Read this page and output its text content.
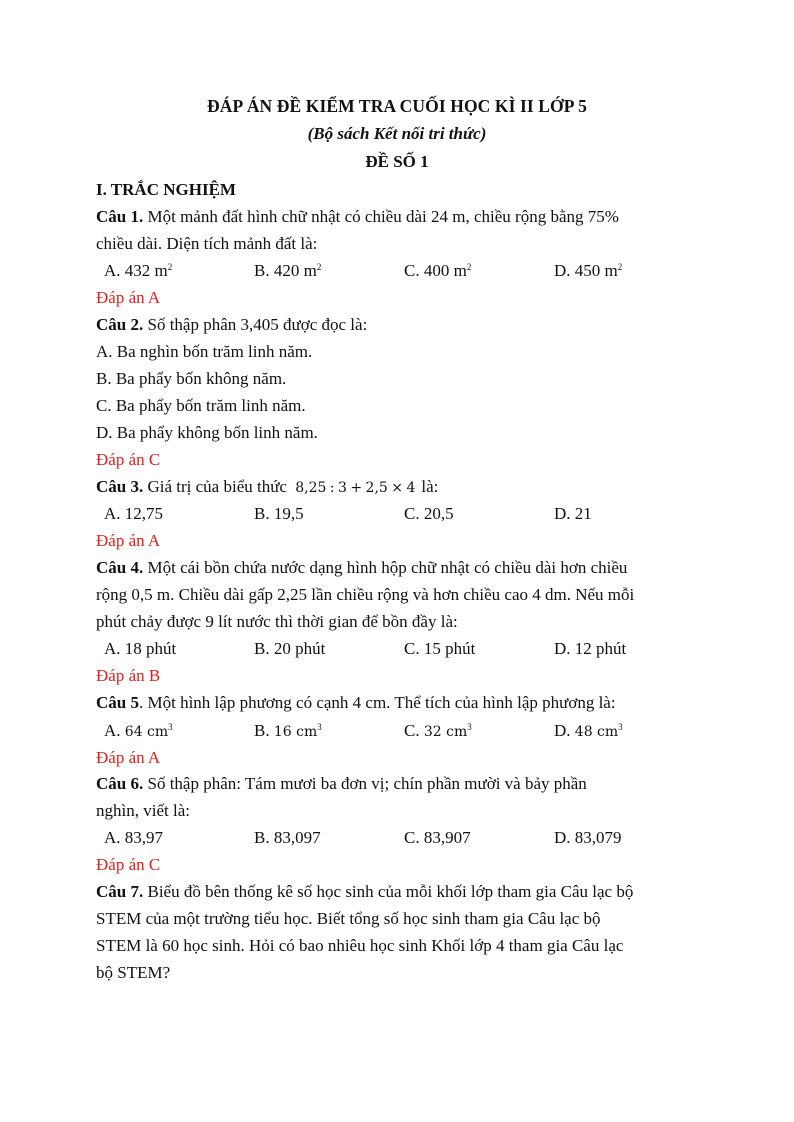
ĐÁP ÁN ĐỀ KIỂM TRA CUỐI HỌC KÌ II LỚP 5
(Bộ sách Kết nối tri thức)
ĐỀ SỐ 1
I. TRẮC NGHIỆM
Câu 1. Một mảnh đất hình chữ nhật có chiều dài 24 m, chiều rộng bằng 75%
chiều dài. Diện tích mảnh đất là:
A. 432 $m^2$	B. 420 $m^2$	C. 400 $m^2$	D. 450 $m^2$
Đáp án A
Câu 2. Số thập phân 3,405 được đọc là:
A. Ba nghìn bốn trăm linh năm.
B. Ba phẩy bốn không năm.
C. Ba phẩy bốn trăm linh năm.
D. Ba phẩy không bốn linh năm.
Đáp án C
Câu 3. Giá trị của biểu thức 8,25 : 3 + 2,5 × 4 là:
A. 12,75	B. 19,5	C. 20,5	D. 21
Đáp án A
Câu 4. Một cái bồn chứa nước dạng hình hộp chữ nhật có chiều dài hơn chiều
rộng 0,5 m. Chiều dài gấp 2,25 lần chiều rộng và hơn chiều cao 4 dm. Nếu mỗi
phút chảy được 9 lít nước thì thời gian để bồn đầy là:
A. 18 phút	B. 20 phút	C. 15 phút	D. 12 phút
Đáp án B
Câu 5. Một hình lập phương có cạnh 4 cm. Thể tích của hình lập phương là:
A. 64 $cm^3$	B. 16 $cm^3$	C. 32 $cm^3$	D. 48 $cm^3$
Đáp án A
Câu 6. Số thập phân: Tám mươi ba đơn vị; chín phần mười và bảy phần
nghìn, viết là:
A. 83,97	B. 83,097	C. 83,907	D. 83,079
Đáp án C
Câu 7. Biểu đồ bên thống kê số học sinh của mỗi khối lớp tham gia Câu lạc bộ
STEM của một trường tiểu học. Biết tổng số học sinh tham gia Câu lạc bộ
STEM là 60 học sinh. Hỏi có bao nhiêu học sinh Khối lớp 4 tham gia Câu lạc
bộ STEM?
